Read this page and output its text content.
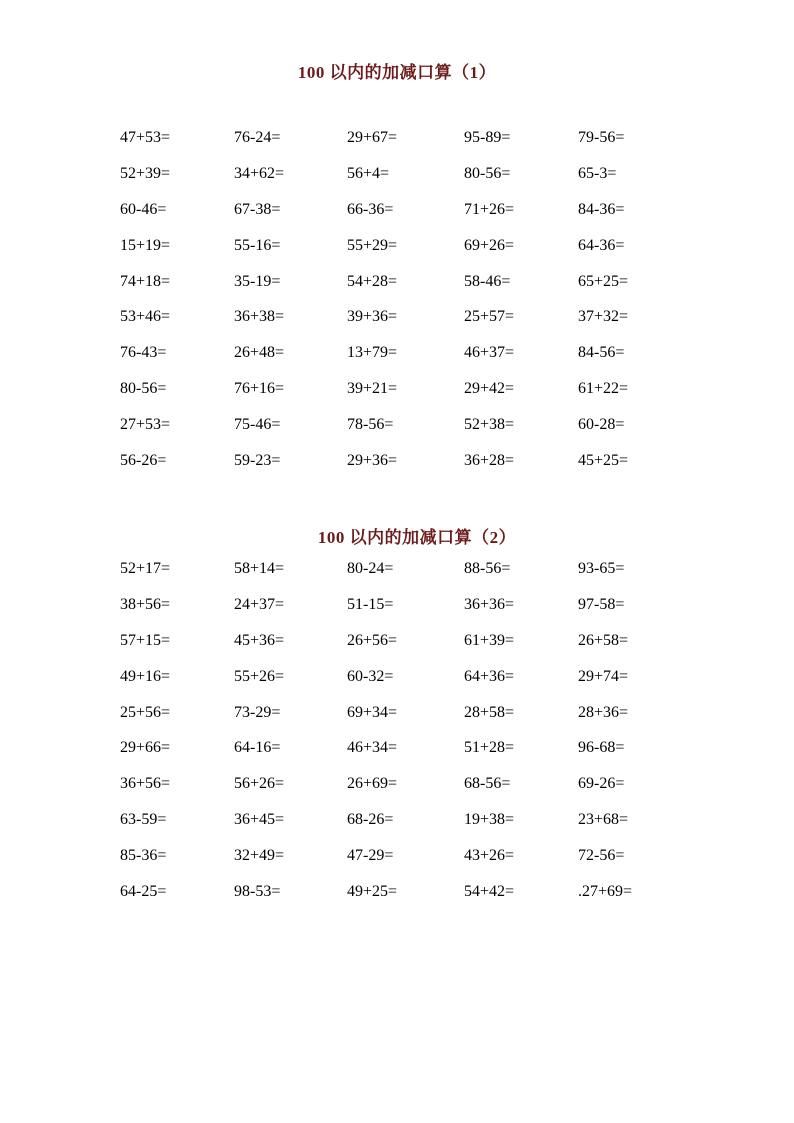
100 以内的加减口算（1）
47+53=	76-24=	29+67=	95-89=	79-56=
52+39=	34+62=	56+4=	80-56=	65-3=
60-46=	67-38=	66-36=	71+26=	84-36=
15+19=	55-16=	55+29=	69+26=	64-36=
74+18=	35-19=	54+28=	58-46=	65+25=
53+46=	36+38=	39+36=	25+57=	37+32=
76-43=	26+48=	13+79=	46+37=	84-56=
80-56=	76+16=	39+21=	29+42=	61+22=
27+53=	75-46=	78-56=	52+38=	60-28=
56-26=	59-23=	29+36=	36+28=	45+25=
100 以内的加减口算（2）
52+17=	58+14=	80-24=	88-56=	93-65=
38+56=	24+37=	51-15=	36+36=	97-58=
57+15=	45+36=	26+56=	61+39=	26+58=
49+16=	55+26=	60-32=	64+36=	29+74=
25+56=	73-29=	69+34=	28+58=	28+36=
29+66=	64-16=	46+34=	51+28=	96-68=
36+56=	56+26=	26+69=	68-56=	69-26=
63-59=	36+45=	68-26=	19+38=	23+68=
85-36=	32+49=	47-29=	43+26=	72-56=
64-25=	98-53=	49+25=	54+42=	.27+69=
